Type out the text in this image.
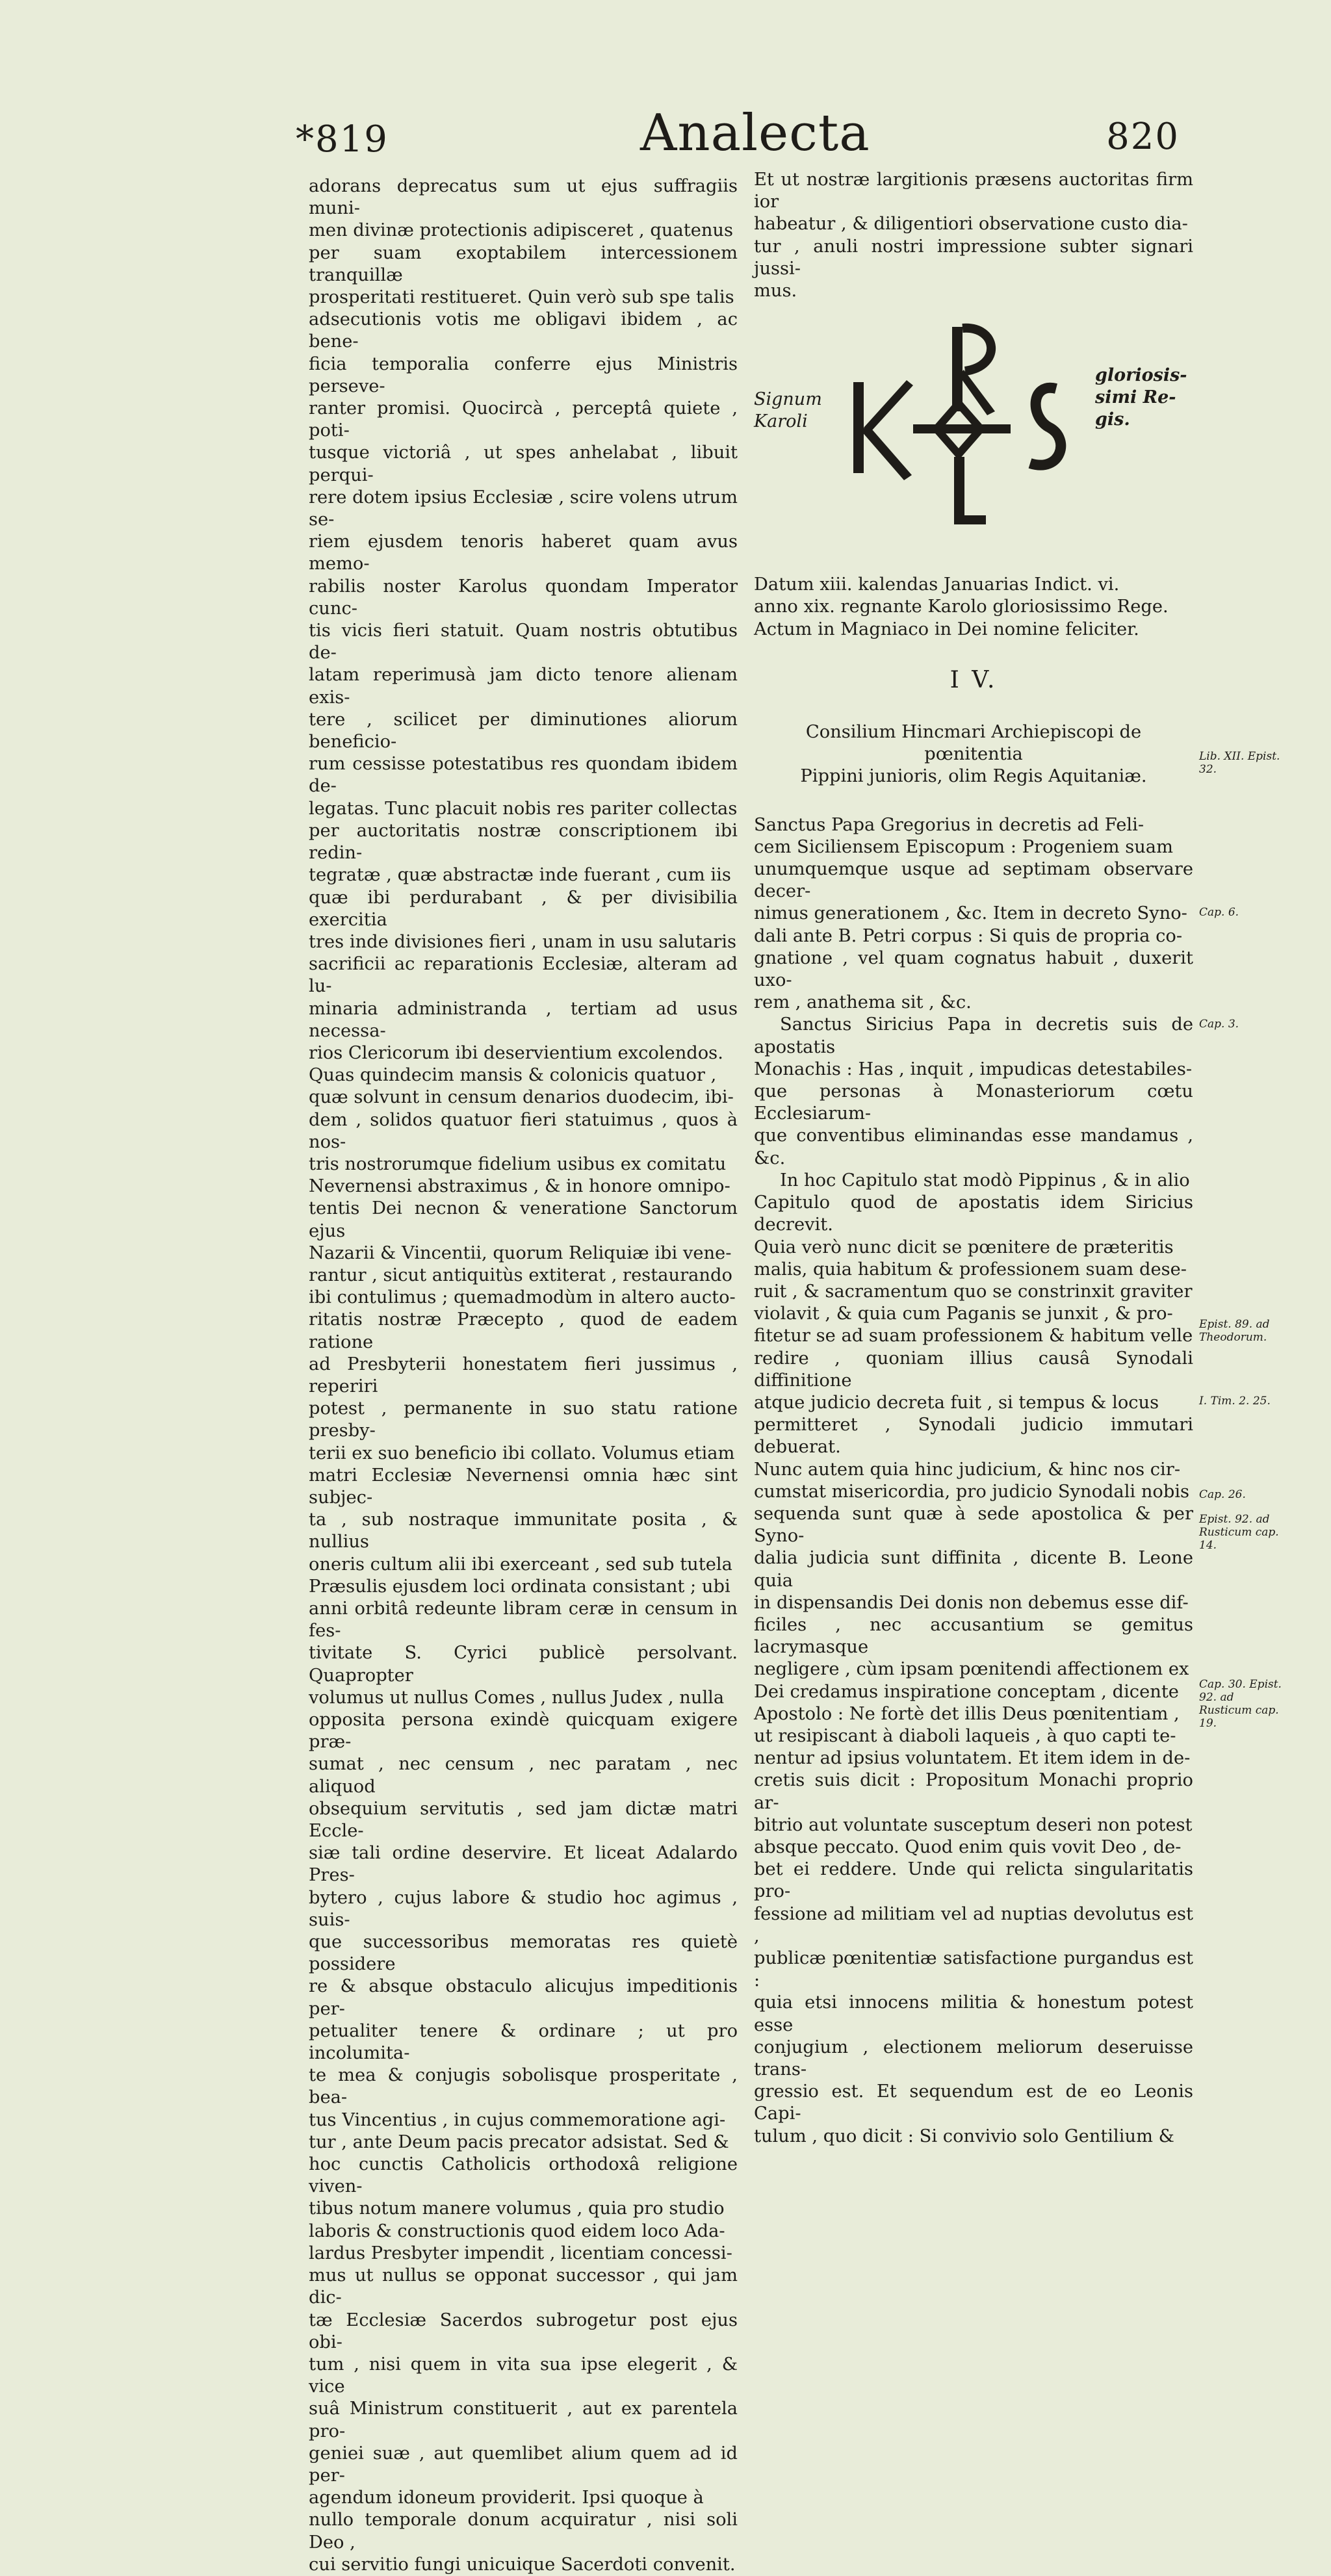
*819	Analecta	820

adorans deprecatus sum ut ejus suffragiis muni-

men divinæ protectionis adipisceret , quatenus

per suam exoptabilem intercessionem tranquillæ

prosperitati restitueret. Quin verò sub spe talis

adsecutionis votis me obligavi ibidem , ac bene-

ficia temporalia conferre ejus Ministris perseve-

ranter promisi. Quocircà , perceptâ quiete , poti-

tusque victoriâ , ut spes anhelabat , libuit perqui-

rere dotem ipsius Ecclesiæ , scire volens utrum se-

riem ejusdem tenoris haberet quam avus memo-

rabilis noster Karolus quondam Imperator cunc-

tis vicis fieri statuit. Quam nostris obtutibus de-

latam reperimusà jam dicto tenore alienam exis-

tere , scilicet per diminutiones aliorum beneficio-

rum cessisse potestatibus res quondam ibidem de-

legatas. Tunc placuit nobis res pariter collectas

per auctoritatis nostræ conscriptionem ibi redin-

tegratæ , quæ abstractæ inde fuerant , cum iis

quæ ibi perdurabant , & per divisibilia exercitia

tres inde divisiones fieri , unam in usu salutaris

sacrificii ac reparationis Ecclesiæ, alteram ad lu-

minaria administranda , tertiam ad usus necessa-

rios Clericorum ibi deservientium excolendos.

Quas quindecim mansis & colonicis quatuor ,

quæ solvunt in censum denarios duodecim, ibi-

dem , solidos quatuor fieri statuimus , quos à nos-

tris nostrorumque fidelium usibus ex comitatu

Nevernensi abstraximus , & in honore omnipo-

tentis Dei necnon & veneratione Sanctorum ejus

Nazarii & Vincentii, quorum Reliquiæ ibi vene-

rantur , sicut antiquitùs extiterat , restaurando

ibi contulimus ; quemadmodùm in altero aucto-

ritatis nostræ Præcepto , quod de eadem ratione

ad Presbyterii honestatem fieri jussimus , reperiri

potest , permanente in suo statu ratione presby-

terii ex suo beneficio ibi collato. Volumus etiam

matri Ecclesiæ Nevernensi omnia hæc sint subjec-

ta , sub nostraque immunitate posita , & nullius

oneris cultum alii ibi exerceant , sed sub tutela

Præsulis ejusdem loci ordinata consistant ; ubi

anni orbitâ redeunte libram ceræ in censum in fes-

tivitate S. Cyrici publicè persolvant. Quapropter

volumus ut nullus Comes , nullus Judex , nulla

opposita persona exindè quicquam exigere præ-

sumat , nec censum , nec paratam , nec aliquod

obsequium servitutis , sed jam dictæ matri Eccle-

siæ tali ordine deservire. Et liceat Adalardo Pres-

bytero , cujus labore & studio hoc agimus , suis-

que successoribus memoratas res quietè possidere

re & absque obstaculo alicujus impeditionis per-

petualiter tenere & ordinare ; ut pro incolumita-

te mea & conjugis sobolisque prosperitate , bea-

tus Vincentius , in cujus commemoratione agi-

tur , ante Deum pacis precator adsistat. Sed &

hoc cunctis Catholicis orthodoxâ religione viven-

tibus notum manere volumus , quia pro studio

laboris & constructionis quod eidem loco Ada-

lardus Presbyter impendit , licentiam concessi-

mus ut nullus se opponat successor , qui jam dic-

tæ Ecclesiæ Sacerdos subrogetur post ejus obi-

tum , nisi quem in vita sua ipse elegerit , & vice

suâ Ministrum constituerit , aut ex parentela pro-

geniei suæ , aut quemlibet alium quem ad id per-

agendum idoneum providerit. Ipsi quoque à

nullo temporale donum acquiratur , nisi soli Deo ,

cui servitio fungi unicuique Sacerdoti convenit.

Et ut nostræ largitionis præsens auctoritas firm ior

habeatur , & diligentiori observatione custo dia-

tur , anuli nostri impressione subter signari jussi-

mus.

Signum
Karoli
gloriosis-
simi Re-
gis.

Datum xiii. kalendas Januarias Indict. vi.

anno xix. regnante Karolo gloriosissimo Rege.

Actum in Magniaco in Dei nomine feliciter.

I V.

Consilium Hincmari Archiepiscopi de pœnitentia

Pippini junioris, olim Regis Aquitaniæ.

Sanctus Papa Gregorius in decretis ad Feli-

cem Siciliensem Episcopum : Progeniem suam

unumquemque usque ad septimam observare decer-

nimus generationem , &c. Item in decreto Syno-

dali ante B. Petri corpus : Si quis de propria co-

gnatione , vel quam cognatus habuit , duxerit uxo-

rem , anathema sit , &c.

Sanctus Siricius Papa in decretis suis de apostatis

Monachis : Has , inquit , impudicas detestabiles-

que personas à Monasteriorum cœtu Ecclesiarum-

que conventibus eliminandas esse mandamus , &c.

In hoc Capitulo stat modò Pippinus , & in alio

Capitulo quod de apostatis idem Siricius decrevit.

Quia verò nunc dicit se pœnitere de præteritis

malis, quia habitum & professionem suam dese-

ruit , & sacramentum quo se constrinxit graviter

violavit , & quia cum Paganis se junxit , & pro-

fitetur se ad suam professionem & habitum velle

redire , quoniam illius causâ Synodali diffinitione

atque judicio decreta fuit , si tempus & locus

permitteret , Synodali judicio immutari debuerat.

Nunc autem quia hinc judicium, & hinc nos cir-

cumstat misericordia, pro judicio Synodali nobis

sequenda sunt quæ à sede apostolica & per Syno-

dalia judicia sunt diffinita , dicente B. Leone quia

in dispensandis Dei donis non debemus esse dif-

ficiles , nec accusantium se gemitus lacrymasque

negligere , cùm ipsam pœnitendi affectionem ex

Dei credamus inspiratione conceptam , dicente

Apostolo : Ne fortè det illis Deus pœnitentiam ,

ut resipiscant à diaboli laqueis , à quo capti te-

nentur ad ipsius voluntatem. Et item idem in de-

cretis suis dicit : Propositum Monachi proprio ar-

bitrio aut voluntate susceptum deseri non potest

absque peccato. Quod enim quis vovit Deo , de-

bet ei reddere. Unde qui relicta singularitatis pro-

fessione ad militiam vel ad nuptias devolutus est ,

publicæ pœnitentiæ satisfactione purgandus est :

quia etsi innocens militia & honestum potest esse

conjugium , electionem meliorum deseruisse trans-

gressio est. Et sequendum est de eo Leonis Capi-

tulum , quo dicit : Si convivio solo Gentilium &

Lib. XII. Epist. 32.
Cap. 6.
Cap. 3.
Epist. 89. ad Theodorum.
I. Tim. 2. 25.
Cap. 26.
Epist. 92. ad Rusticum cap. 14.
Cap. 30. Epist. 92. ad Rusticum cap. 19.
